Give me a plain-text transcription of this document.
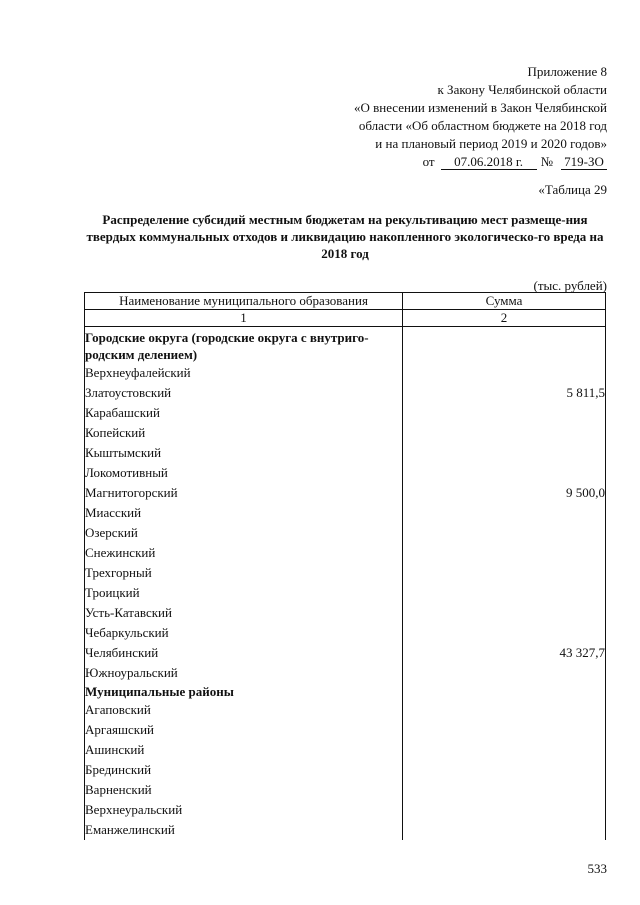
Приложение 8
к Закону Челябинской области
«О внесении изменений в Закон Челябинской
области «Об областном бюджете на 2018 год
и на плановый период 2019 и 2020 годов»
от 07.06.2018 г. № 719-ЗО
«Таблица 29
Распределение субсидий местным бюджетам на рекультивацию мест размеще-ния твердых коммунальных отходов и ликвидацию накопленного экологическо-го вреда на 2018 год
(тыс. рублей)
Наименование муниципального образования	Сумма
1	2
Городские округа (городские округа с внутриго-родским делением)	
Верхнеуфалейский	
Златоустовский	5 811,5
Карабашский	
Копейский	
Кыштымский	
Локомотивный	
Магнитогорский	9 500,0
Миасский	
Озерский	
Снежинский	
Трехгорный	
Троицкий	
Усть-Катавский	
Чебаркульский	
Челябинский	43 327,7
Южноуральский	
Муниципальные районы	
Агаповский	
Аргаяшский	
Ашинский	
Брединский	
Варненский	
Верхнеуральский	
Еманжелинский	
533
